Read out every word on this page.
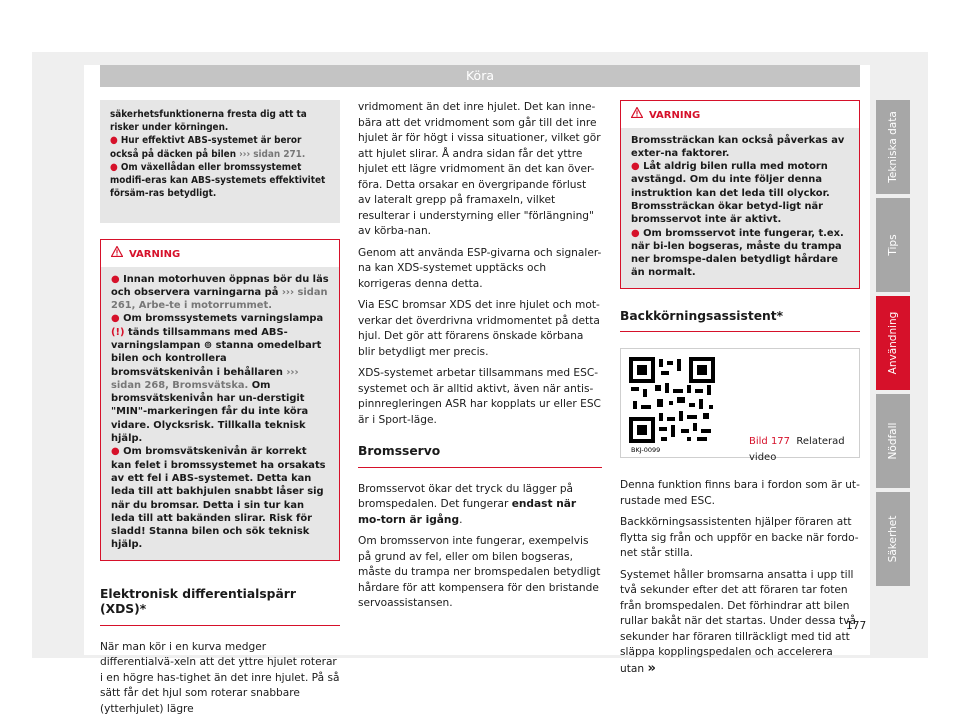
Köra
säkerhetsfunktionerna fresta dig att ta risker under körningen.
● Hur effektivt ABS-systemet är beror också på däcken på bilen ››› sidan 271.
● Om växellådan eller bromssystemet modifi-eras kan ABS-systemets effektivitet försäm-ras betydligt.
VARNING
● Innan motorhuven öppnas bör du läs och observera varningarna på ››› sidan 261, Arbe-te i motorrummet.
● Om bromssystemets varningslampa (!) tänds tillsammans med ABS-varningslampan ⊚ stanna omedelbart bilen och kontrollera bromsvätskenivån i behållaren ››› sidan 268, Bromsvätska. Om bromsvätskenivån har un-derstigit "MIN"-markeringen får du inte köra vidare. Olycksrisk. Tillkalla teknisk hjälp.
● Om bromsvätskenivån är korrekt kan felet i bromssystemet ha orsakats av ett fel i ABS-systemet. Detta kan leda till att bakhjulen snabbt låser sig när du bromsar. Detta i sin tur kan leda till att bakänden slirar. Risk för sladd! Stanna bilen och sök teknisk hjälp.
Elektronisk differentialspärr (XDS)*

När man kör i en kurva medger differentialvä-xeln att det yttre hjulet roterar i en högre has-tighet än det inre hjulet. På så sätt får det hjul som roterar snabbare (ytterhjulet) lägre

vridmoment än det inre hjulet. Det kan inne-bära att det vridmoment som går till det inre hjulet är för högt i vissa situationer, vilket gör att hjulet slirar. Å andra sidan får det yttre hjulet ett lägre vridmoment än det kan över-föra. Detta orsakar en övergripande förlust av lateralt grepp på framaxeln, vilket resulterar i understyrning eller "förlängning" av körba-nan.

Genom att använda ESP-givarna och signaler-na kan XDS-systemet upptäcks och korrigeras denna detta.

Via ESC bromsar XDS det inre hjulet och mot-verkar det överdrivna vridmomentet på detta hjul. Det gör att förarens önskade körbana blir betydligt mer precis.

XDS-systemet arbetar tillsammans med ESC-systemet och är alltid aktivt, även när antis-pinnregleringen ASR har kopplats ur eller ESC är i Sport-läge.

Bromsservo

Bromsservot ökar det tryck du lägger på bromspedalen. Det fungerar endast när mo-torn är igång.

Om bromsservon inte fungerar, exempelvis på grund av fel, eller om bilen bogseras, måste du trampa ner bromspedalen betydligt hårdare för att kompensera för den bristande servoassistansen.

VARNING
Bromssträckan kan också påverkas av exter-na faktorer.
● Låt aldrig bilen rulla med motorn avstängd. Om du inte följer denna instruktion kan det leda till olyckor. Bromssträckan ökar betyd-ligt när bromsservot inte är aktivt.
● Om bromsservot inte fungerar, t.ex. när bi-len bogseras, måste du trampa ner bromspe-dalen betydligt hårdare än normalt.
Backkörningsassistent*
BKJ-0099
Bild 177 Relaterad video

Denna funktion finns bara i fordon som är ut-rustade med ESC.

Backkörningsassistenten hjälper föraren att flytta sig från och uppför en backe när fordo-net står stilla.

Systemet håller bromsarna ansatta i upp till två sekunder efter det att föraren tar foten från bromspedalen. Det förhindrar att bilen rullar bakåt när det startas. Under dessa två sekunder har föraren tillräckligt med tid att släppa kopplingspedalen och accelerera utan »

Tekniska data
Tips
Användning
Nödfall
Säkerhet
177
